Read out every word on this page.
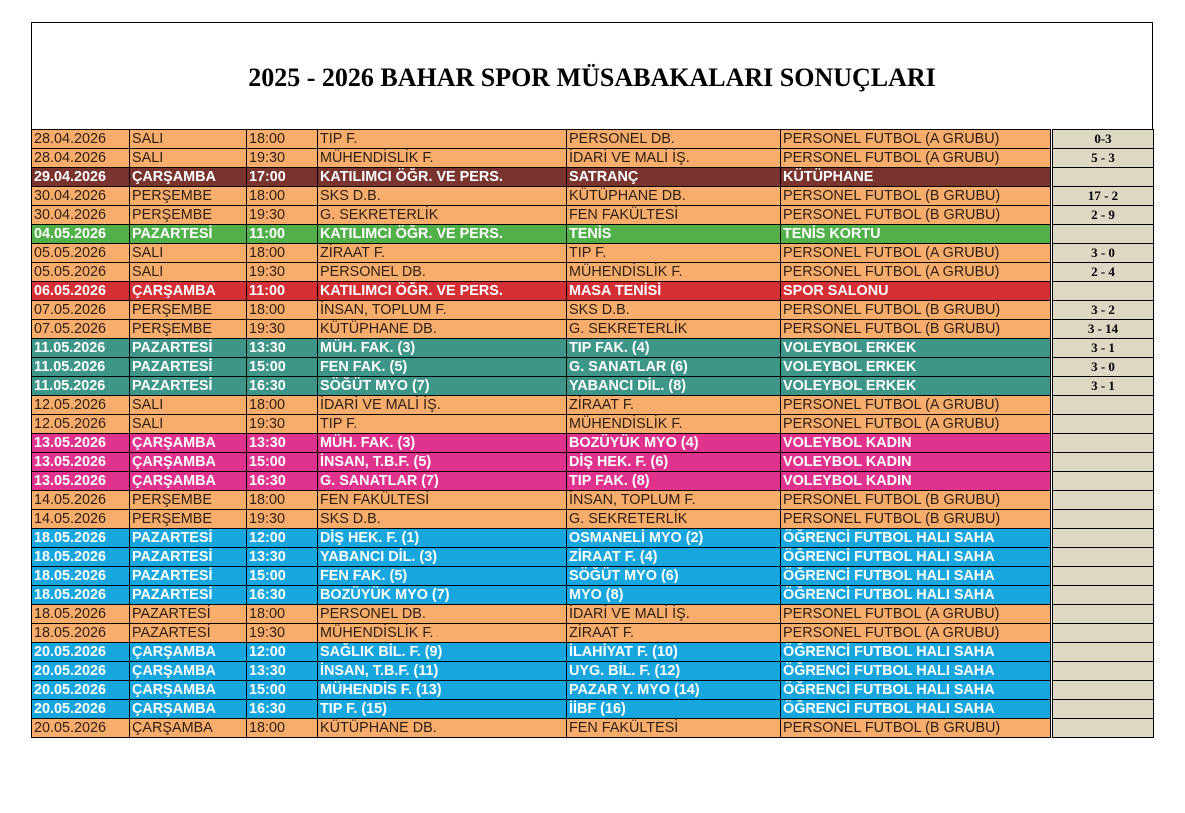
2025 - 2026 BAHAR SPOR MÜSABAKALARI SONUÇLARI
28.04.2026	SALI	18:00	TIP F.	PERSONEL DB.	PERSONEL FUTBOL (A GRUBU)		0-3
28.04.2026	SALI	19:30	MÜHENDİSLİK F.	İDARİ VE MALİ İŞ.	PERSONEL FUTBOL (A GRUBU)		5 - 3
29.04.2026	ÇARŞAMBA	17:00	KATILIMCI ÖĞR. VE PERS.	SATRANÇ	KÜTÜPHANE		
30.04.2026	PERŞEMBE	18:00	SKS D.B.	KÜTÜPHANE DB.	PERSONEL FUTBOL (B GRUBU)		17 - 2
30.04.2026	PERŞEMBE	19:30	G. SEKRETERLİK	FEN FAKÜLTESİ	PERSONEL FUTBOL (B GRUBU)		2 - 9
04.05.2026	PAZARTESİ	11:00	KATILIMCI ÖĞR. VE PERS.	TENİS	TENİS KORTU		
05.05.2026	SALI	18:00	ZİRAAT F.	TIP F.	PERSONEL FUTBOL (A GRUBU)		3 - 0
05.05.2026	SALI	19:30	PERSONEL DB.	MÜHENDİSLİK F.	PERSONEL FUTBOL (A GRUBU)		2 - 4
06.05.2026	ÇARŞAMBA	11:00	KATILIMCI ÖĞR. VE PERS.	MASA TENİSİ	SPOR SALONU		
07.05.2026	PERŞEMBE	18:00	İNSAN, TOPLUM F.	SKS D.B.	PERSONEL FUTBOL (B GRUBU)		3 - 2
07.05.2026	PERŞEMBE	19:30	KÜTÜPHANE DB.	G. SEKRETERLİK	PERSONEL FUTBOL (B GRUBU)		3 - 14
11.05.2026	PAZARTESİ	13:30	MÜH. FAK. (3)	TIP FAK. (4)	VOLEYBOL ERKEK		3 - 1
11.05.2026	PAZARTESİ	15:00	FEN FAK. (5)	G. SANATLAR (6)	VOLEYBOL ERKEK		3 - 0
11.05.2026	PAZARTESİ	16:30	SÖĞÜT MYO (7)	YABANCI DİL. (8)	VOLEYBOL ERKEK		3 - 1
12.05.2026	SALI	18:00	İDARİ VE MALİ İŞ.	ZİRAAT F.	PERSONEL FUTBOL (A GRUBU)		
12.05.2026	SALI	19:30	TIP F.	MÜHENDİSLİK F.	PERSONEL FUTBOL (A GRUBU)		
13.05.2026	ÇARŞAMBA	13:30	MÜH. FAK. (3)	BOZÜYÜK MYO (4)	VOLEYBOL KADIN		
13.05.2026	ÇARŞAMBA	15:00	İNSAN, T.B.F. (5)	DİŞ HEK. F. (6)	VOLEYBOL KADIN		
13.05.2026	ÇARŞAMBA	16:30	G. SANATLAR (7)	TIP FAK. (8)	VOLEYBOL KADIN		
14.05.2026	PERŞEMBE	18:00	FEN FAKÜLTESİ	İNSAN, TOPLUM F.	PERSONEL FUTBOL (B GRUBU)		
14.05.2026	PERŞEMBE	19:30	SKS D.B.	G. SEKRETERLİK	PERSONEL FUTBOL (B GRUBU)		
18.05.2026	PAZARTESİ	12:00	DİŞ HEK. F. (1)	OSMANELİ MYO (2)	ÖĞRENCİ FUTBOL HALI SAHA		
18.05.2026	PAZARTESİ	13:30	YABANCI DİL. (3)	ZİRAAT F. (4)	ÖĞRENCİ FUTBOL HALI SAHA		
18.05.2026	PAZARTESİ	15:00	FEN FAK. (5)	SÖĞÜT MYO (6)	ÖĞRENCİ FUTBOL HALI SAHA		
18.05.2026	PAZARTESİ	16:30	BOZÜYÜK MYO (7)	MYO (8)	ÖĞRENCİ FUTBOL HALI SAHA		
18.05.2026	PAZARTESİ	18:00	PERSONEL DB.	İDARİ VE MALİ İŞ.	PERSONEL FUTBOL (A GRUBU)		
18.05.2026	PAZARTESİ	19:30	MÜHENDİSLİK F.	ZİRAAT F.	PERSONEL FUTBOL (A GRUBU)		
20.05.2026	ÇARŞAMBA	12:00	SAĞLIK BİL. F. (9)	İLAHİYAT F. (10)	ÖĞRENCİ FUTBOL HALI SAHA		
20.05.2026	ÇARŞAMBA	13:30	İNSAN, T.B.F. (11)	UYG. BİL. F. (12)	ÖĞRENCİ FUTBOL HALI SAHA		
20.05.2026	ÇARŞAMBA	15:00	MÜHENDİS F. (13)	PAZAR Y. MYO (14)	ÖĞRENCİ FUTBOL HALI SAHA		
20.05.2026	ÇARŞAMBA	16:30	TIP F. (15)	İİBF (16)	ÖĞRENCİ FUTBOL HALI SAHA		
20.05.2026	ÇARŞAMBA	18:00	KÜTÜPHANE DB.	FEN FAKÜLTESİ	PERSONEL FUTBOL (B GRUBU)		
